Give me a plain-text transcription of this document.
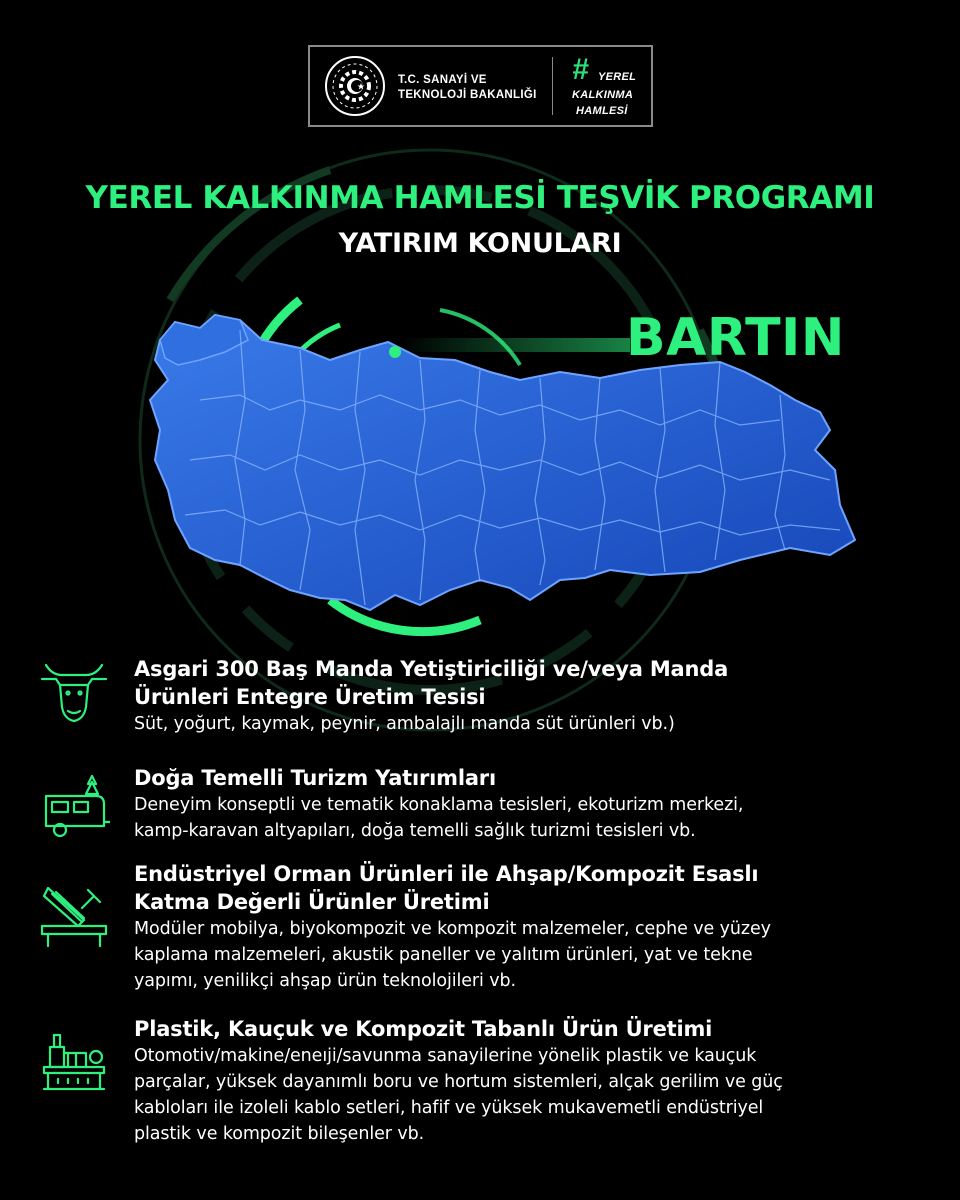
T.C. SANAYİ VE
TEKNOLOJİ BAKANLIĞI
# YEREL
KALKINMA
HAMLESİ
YEREL KALKINMA HAMLESİ TEŞVİK PROGRAMI
YATIRIM KONULARI
BARTIN
Asgari 300 Baş Manda Yetiştiriciliği ve/veya Manda
Ürünleri Entegre Üretim Tesisi
Süt, yoğurt, kaymak, peynir, ambalajlı manda süt ürünleri vb.)
Doğa Temelli Turizm Yatırımları
Deneyim konseptli ve tematik konaklama tesisleri, ekoturizm merkezi,
kamp-karavan altyapıları, doğa temelli sağlık turizmi tesisleri vb.
Endüstriyel Orman Ürünleri ile Ahşap/Kompozit Esaslı
Katma Değerli Ürünler Üretimi
Modüler mobilya, biyokompozit ve kompozit malzemeler, cephe ve yüzey
kaplama malzemeleri, akustik paneller ve yalıtım ürünleri, yat ve tekne
yapımı, yenilikçi ahşap ürün teknolojileri vb.
Plastik, Kauçuk ve Kompozit Tabanlı Ürün Üretimi
Otomotiv/makine/eneıji/savunma sanayilerine yönelik plastik ve kauçuk
parçalar, yüksek dayanımlı boru ve hortum sistemleri, alçak gerilim ve güç
kabloları ile izoleli kablo setleri, hafif ve yüksek mukavemetli endüstriyel
plastik ve kompozit bileşenler vb.
